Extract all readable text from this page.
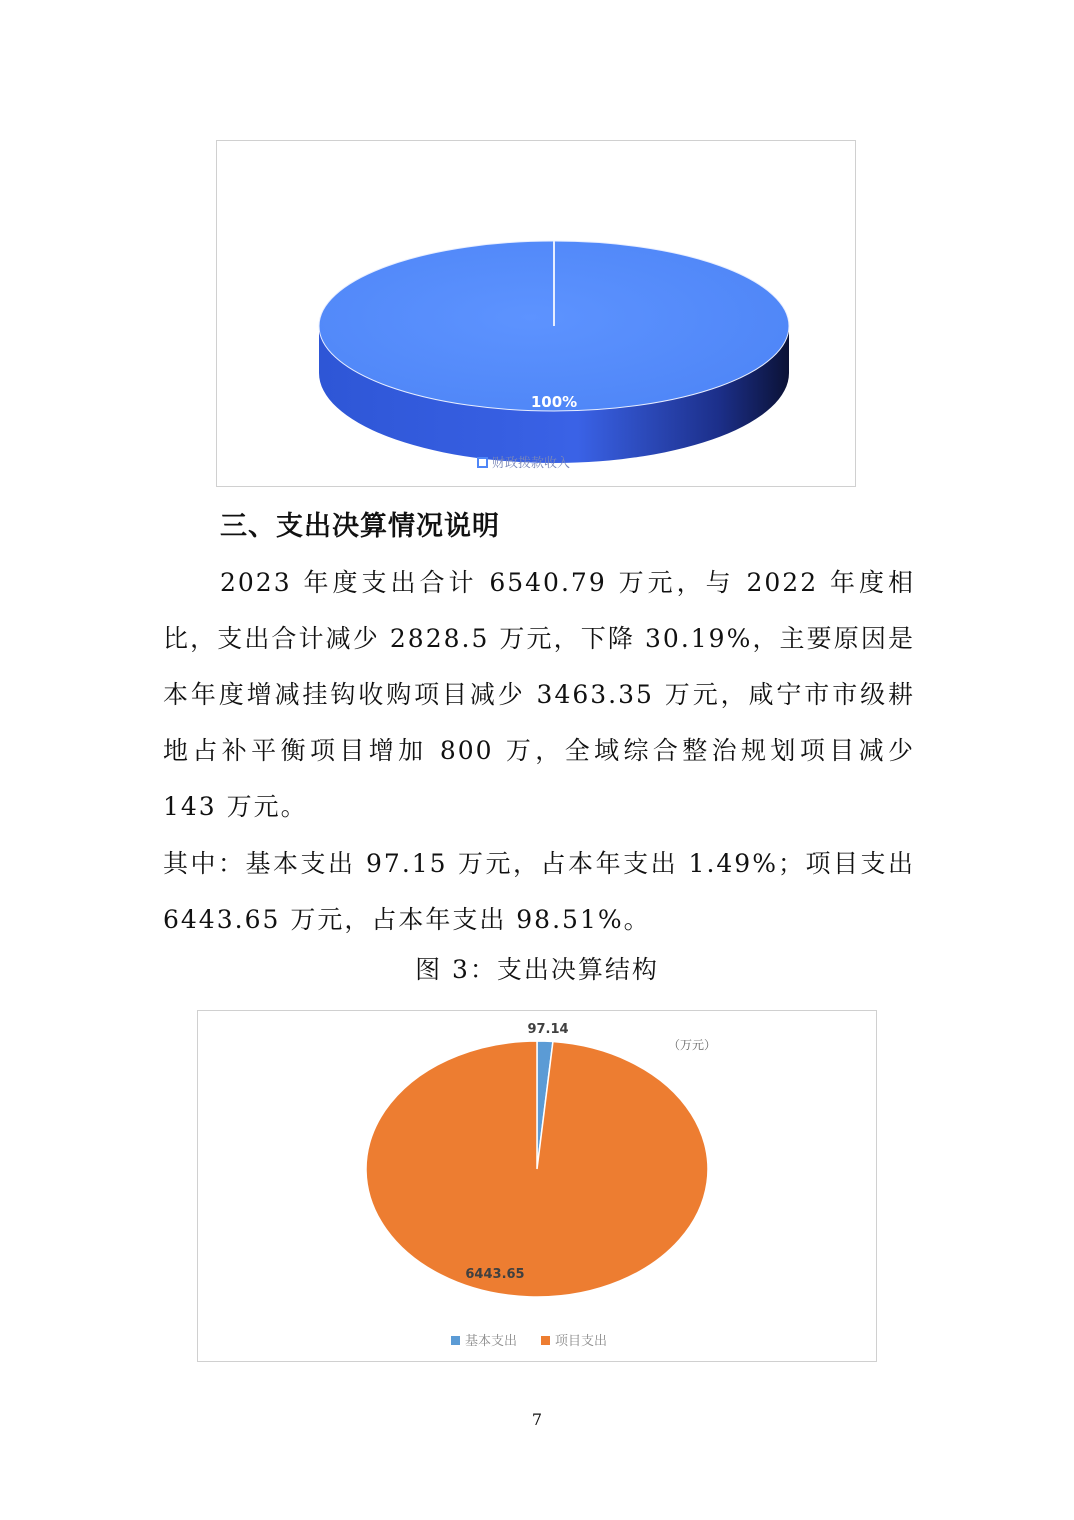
100%
财政拨款收入
三、支出决算情况说明

2023 年度支出合计 6540.79 万元，与 2022 年度相比，支出合计减少 2828.5 万元，下降 30.19%，主要原因是本年度增减挂钩收购项目减少 3463.35 万元，咸宁市市级耕地占补平衡项目增加 800 万，全域综合整治规划项目减少 143 万元。

其中：基本支出 97.15 万元，占本年支出 1.49%；项目支出 6443.65 万元，占本年支出 98.51%。

图 3：支出决算结构
97.14
6443.65
（万元）
基本支出	项目支出
7
